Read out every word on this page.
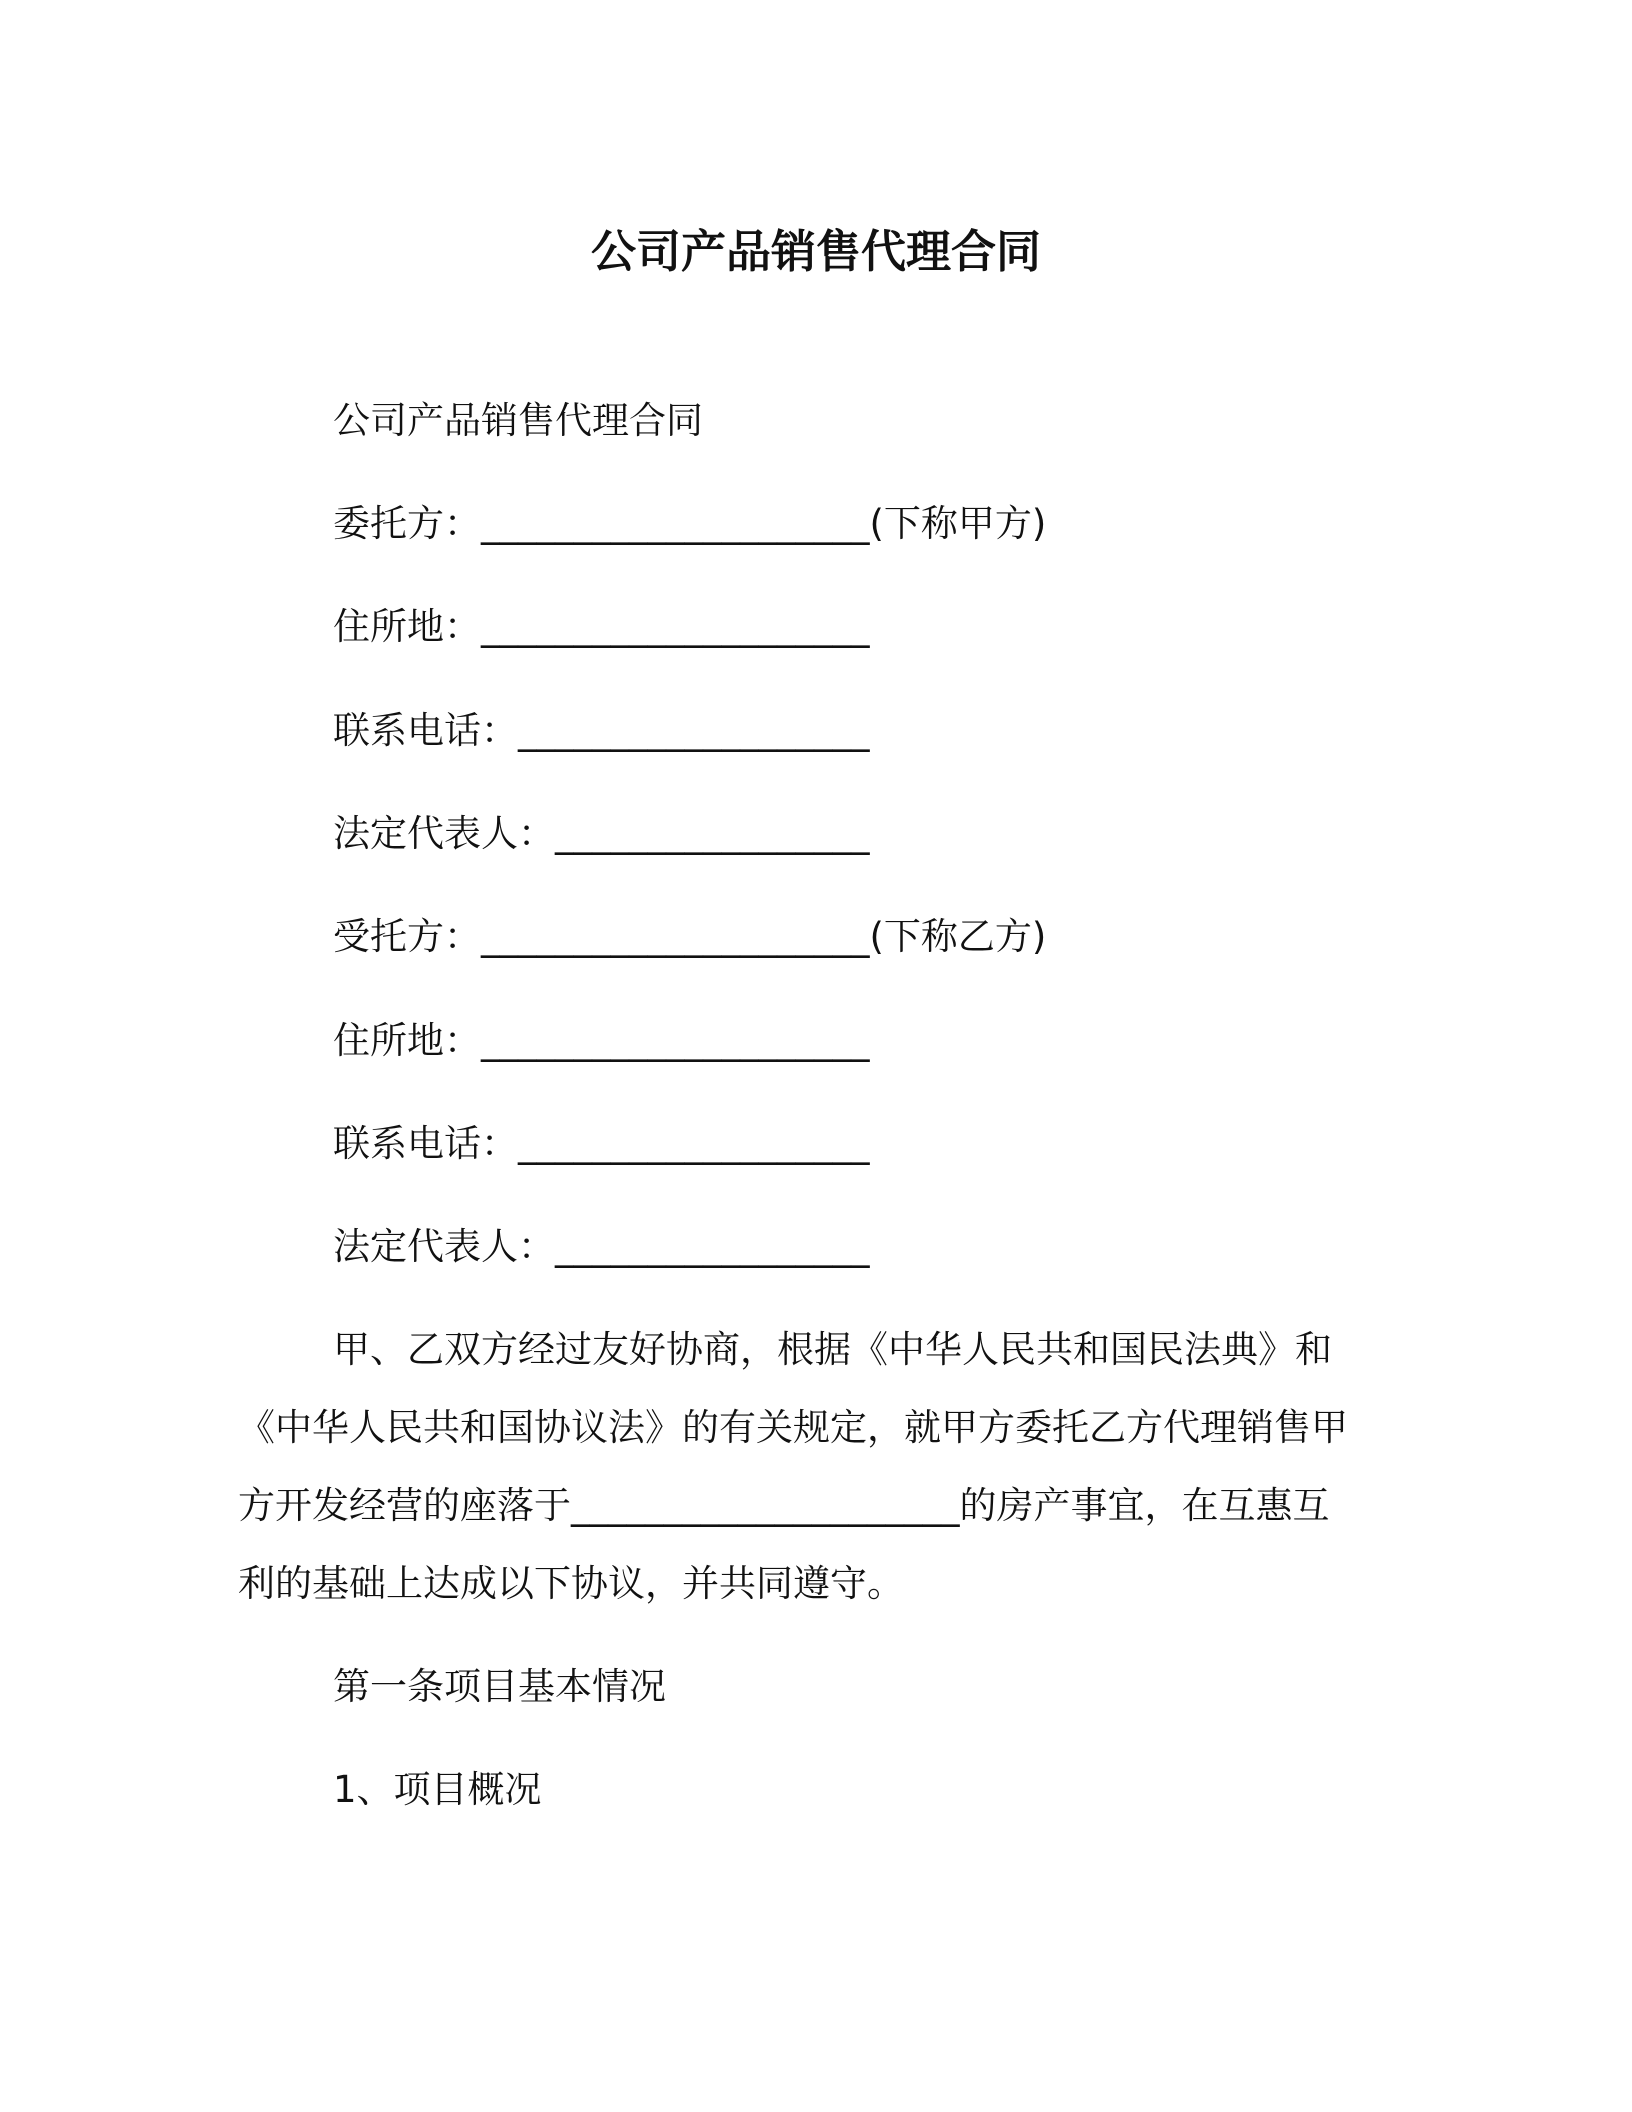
公司产品销售代理合同
公司产品销售代理合同
委托方：_____________________(下称甲方)
住所地：_____________________
联系电话：___________________
法定代表人：_________________
受托方：_____________________(下称乙方)
住所地：_____________________
联系电话：___________________
法定代表人：_________________
甲、乙双方经过友好协商，根据《中华人民共和国民法典》和《中华人民共和国协议法》的有关规定，就甲方委托乙方代理销售甲方开发经营的座落于_____________________的房产事宜，在互惠互利的基础上达成以下协议，并共同遵守。
第一条项目基本情况
1、项目概况
